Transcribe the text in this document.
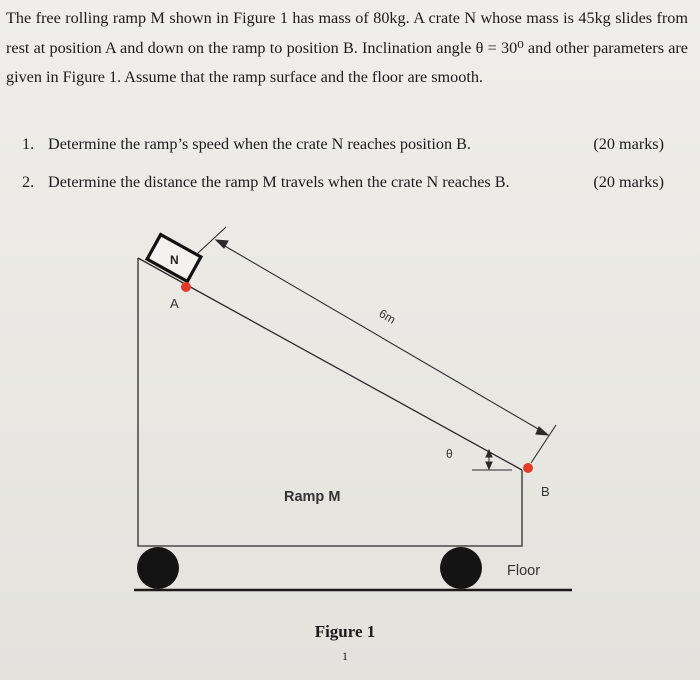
The free rolling ramp M shown in Figure 1 has mass of 80kg. A crate N whose mass is 45kg slides from rest at position A and down on the ramp to position B. Inclination angle θ = 30⁰ and other parameters are given in Figure 1. Assume that the ramp surface and the floor are smooth.
1. Determine the ramp’s speed when the crate N reaches position B.	(20 marks)
2. Determine the distance the ramp M travels when the crate N reaches B.	(20 marks)
N
A
6m
θ
B
Ramp M
Floor
Figure 1
1
